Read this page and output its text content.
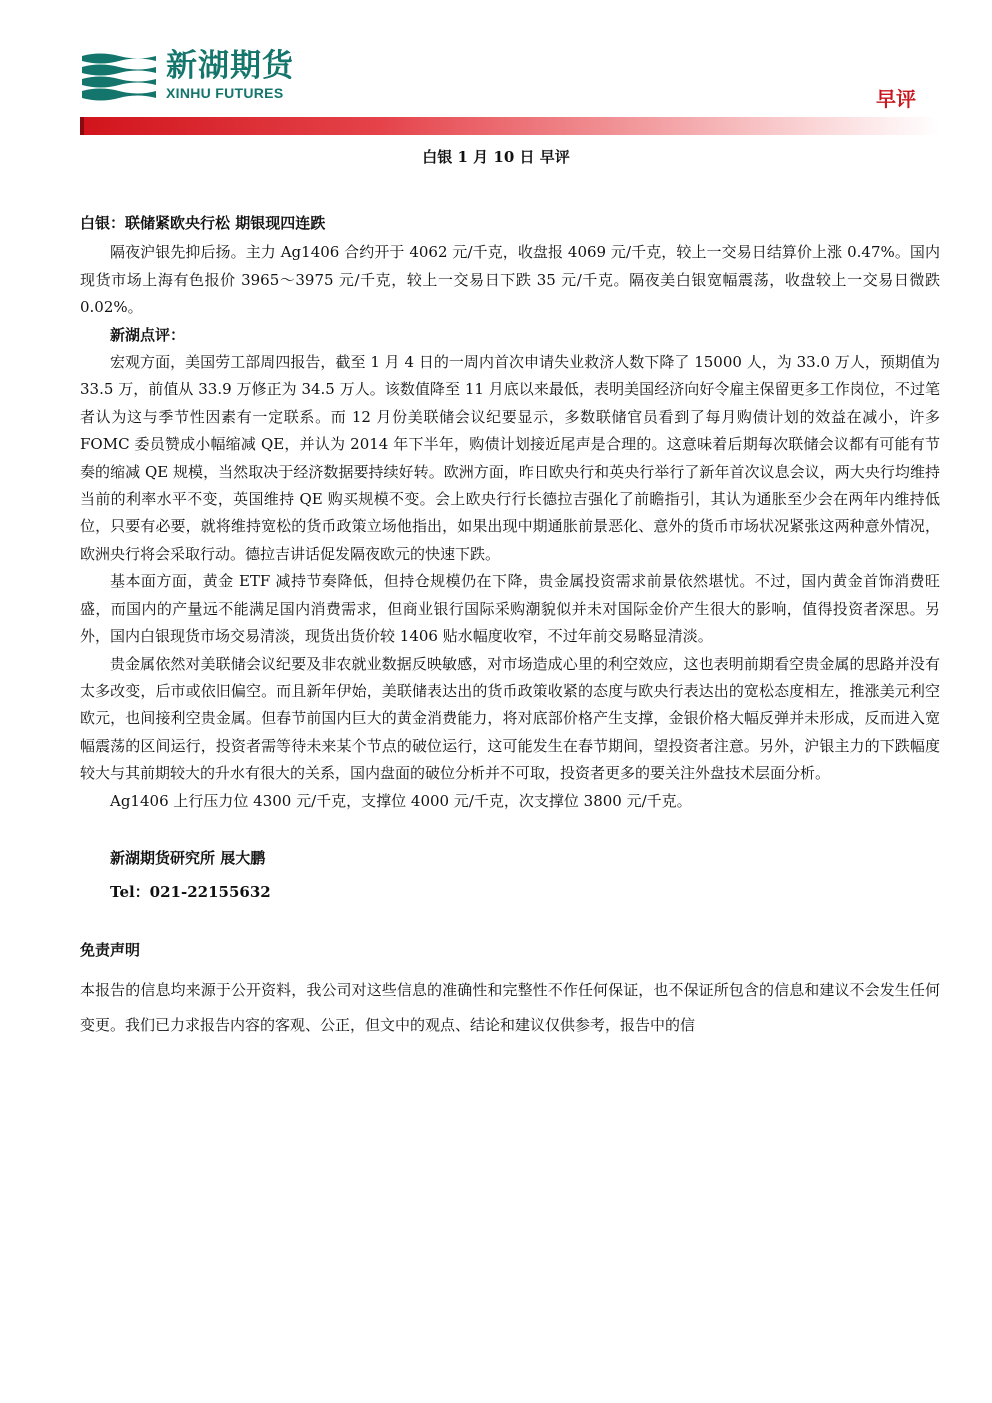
新湖期货
XINHU FUTURES	早评
白银 1 月 10 日 早评

白银：联储紧欧央行松 期银现四连跌

隔夜沪银先抑后扬。主力 Ag1406 合约开于 4062 元/千克，收盘报 4069 元/千克，较上一交易日结算价上涨 0.47%。国内现货市场上海有色报价 3965～3975 元/千克，较上一交易日下跌 35 元/千克。隔夜美白银宽幅震荡，收盘较上一交易日微跌 0.02%。

新湖点评：

宏观方面，美国劳工部周四报告，截至 1 月 4 日的一周内首次申请失业救济人数下降了 15000 人，为 33.0 万人，预期值为 33.5 万，前值从 33.9 万修正为 34.5 万人。该数值降至 11 月底以来最低，表明美国经济向好令雇主保留更多工作岗位，不过笔者认为这与季节性因素有一定联系。而 12 月份美联储会议纪要显示，多数联储官员看到了每月购债计划的效益在减小，许多 FOMC 委员赞成小幅缩减 QE，并认为 2014 年下半年，购债计划接近尾声是合理的。这意味着后期每次联储会议都有可能有节奏的缩减 QE 规模，当然取决于经济数据要持续好转。欧洲方面，昨日欧央行和英央行举行了新年首次议息会议，两大央行均维持当前的利率水平不变，英国维持 QE 购买规模不变。会上欧央行行长德拉吉强化了前瞻指引，其认为通胀至少会在两年内维持低位，只要有必要，就将维持宽松的货币政策立场他指出，如果出现中期通胀前景恶化、意外的货币市场状况紧张这两种意外情况，欧洲央行将会采取行动。德拉吉讲话促发隔夜欧元的快速下跌。

基本面方面，黄金 ETF 减持节奏降低，但持仓规模仍在下降，贵金属投资需求前景依然堪忧。不过，国内黄金首饰消费旺盛，而国内的产量远不能满足国内消费需求，但商业银行国际采购潮貌似并未对国际金价产生很大的影响，值得投资者深思。另外，国内白银现货市场交易清淡，现货出货价较 1406 贴水幅度收窄，不过年前交易略显清淡。

贵金属依然对美联储会议纪要及非农就业数据反映敏感，对市场造成心里的利空效应，这也表明前期看空贵金属的思路并没有太多改变，后市或依旧偏空。而且新年伊始，美联储表达出的货币政策收紧的态度与欧央行表达出的宽松态度相左，推涨美元利空欧元，也间接利空贵金属。但春节前国内巨大的黄金消费能力，将对底部价格产生支撑，金银价格大幅反弹并未形成，反而进入宽幅震荡的区间运行，投资者需等待未来某个节点的破位运行，这可能发生在春节期间，望投资者注意。另外，沪银主力的下跌幅度较大与其前期较大的升水有很大的关系，国内盘面的破位分析并不可取，投资者更多的要关注外盘技术层面分析。

Ag1406 上行压力位 4300 元/千克，支撑位 4000 元/千克，次支撑位 3800 元/千克。

新湖期货研究所 展大鹏

Tel：021-22155632

免责声明

本报告的信息均来源于公开资料，我公司对这些信息的准确性和完整性不作任何保证，也不保证所包含的信息和建议不会发生任何变更。我们已力求报告内容的客观、公正，但文中的观点、结论和建议仅供参考，报告中的信
